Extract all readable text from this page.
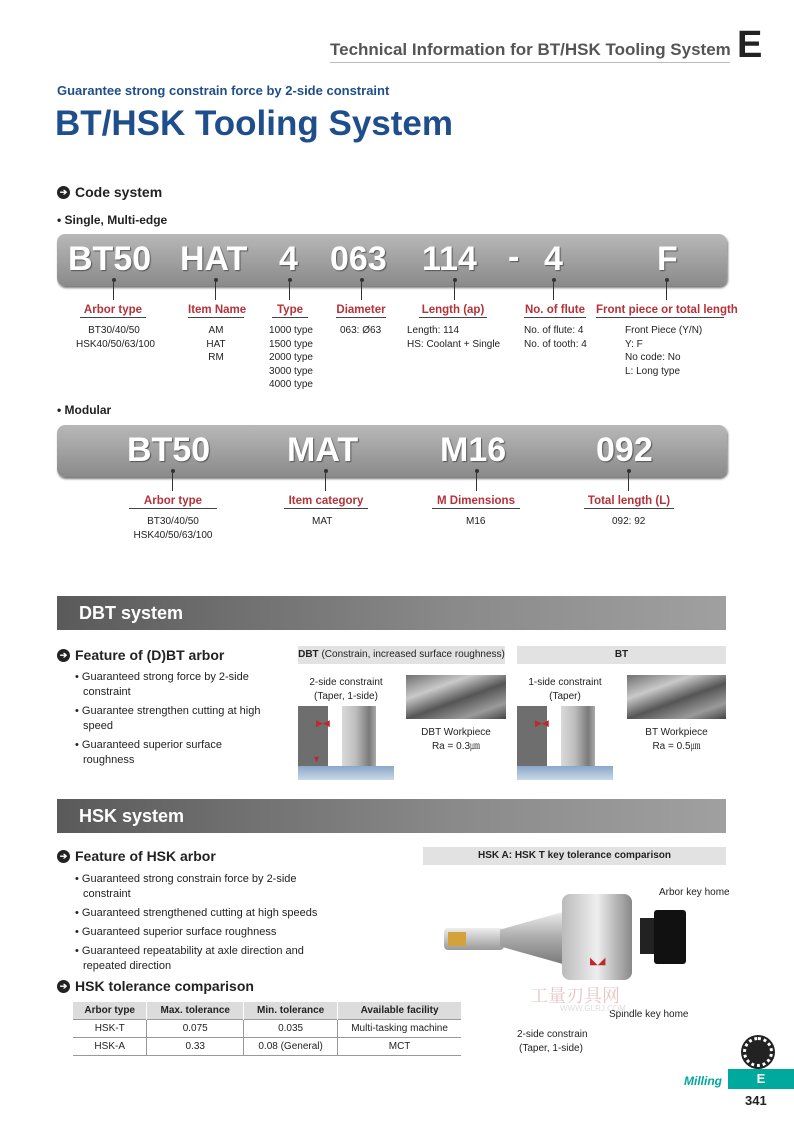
Technical Information for BT/HSK Tooling System E
Guarantee strong constrain force by 2-side constraint
BT/HSK Tooling System
➔ Code system
• Single, Multi-edge
BT50 HAT 4 063 114 - 4	F
Arbor type
BT30/40/50
HSK40/50/63/100
Item Name
AM
HAT
RM
Type
1000 type
1500 type
2000 type
3000 type
4000 type
Diameter
063: Ø63
Length (ap)
Length: 114
HS: Coolant + Single
No. of flute
No. of flute: 4
No. of tooth: 4
Front piece or total length
Front Piece (Y/N)
Y: F
No code: No
L: Long type
• Modular
BT50 MAT M16	092
Arbor type
BT30/40/50
HSK40/50/63/100
Item category
MAT
M Dimensions
M16
Total length (L)
092: 92
DBT system
➔ Feature of (D)BT arbor
• Guaranteed strong force by 2-side constraint
• Guarantee strengthen cutting at high speed
• Guaranteed superior surface roughness
DBT (Constrain, increased surface roughness)	BT
2-side constraint
(Taper, 1-side)
▶◀
▼
DBT Workpiece
Ra = 0.3㎛
1-side constraint
(Taper)
▶◀
BT Workpiece
Ra = 0.5㎛
HSK system
➔ Feature of HSK arbor
• Guaranteed strong constrain force by 2-side constraint
• Guaranteed strengthened cutting at high speeds
• Guaranteed superior surface roughness
• Guaranteed repeatability at axle direction and repeated direction
HSK A: HSK T key tolerance comparison
◣◢
Arbor key home
Spindle key home
2-side constrain
(Taper, 1-side)
工量刃具网
WWW.GLRJ.COM
➔ HSK tolerance comparison
Arbor type	Max. tolerance	Min. tolerance	Available facility
HSK-T	0.075	0.035	Multi-tasking machine
HSK-A	0.33	0.08 (General)	MCT
Milling	E
341
